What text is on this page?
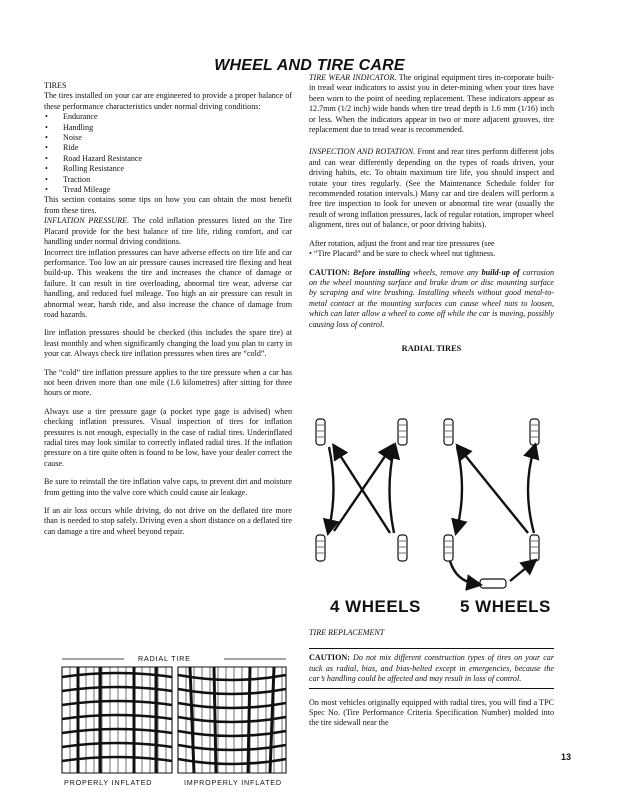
WHEEL AND TIRE CARE

TIRES

The tires installed on your car are engineered to provide a proper balance of these performance characteristics under normal driving conditions:

• Endurance
• Handling
• Noise
• Ride
• Road Hazard Resistance
• Rolling Resistance
• Traction
• Tread Mileage

This section contains some tips on how you can obtain the most benefit from these tires.

INFLATION PRESSURE. The cold inflation pressures listed on the Tire Placard provide for the best balance of tire life, riding comfort, and car handling under normal driving conditions.

Incorrect tire inflation pressures can have adverse effects on tire life and car performance. Too low an air pressure causes increased tire flexing and heat build-up. This weakens the tire and increases the chance of damage or failure. It can result in tire overloading, abnormal tire wear, adverse car handling, and reduced fuel mileage. Too high an air pressure can result in abnormal wear, harsh ride, and also increase the chance of damage from road hazards.

Iire inflation pressures should be checked (this includes the spare tire) at least monthly and when significantly changing the load you plan to carry in your car. Always check tire inflation pressures when tires are “cold”.

The “cold” tire inflation pressure applies to the tire pressure when a car has not been driven more than one mile (1.6 kilometres) after sitting for three hours or more.

Always use a tire pressure gage (a pocket type gage is advised) when checking inflation pressures. Visual inspection of tires for inflation pressures is not enough, especially in the case of radial tires. Underinflated radial tires may look similar to correctly inflated radial tires. If the inflation pressure on a tire quite often is found to be low, have your dealer correct the cause.

Be sure to reinstall the tire inflation valve caps, to prevent dirt and moisture from getting into the valve core which could cause air leakage.

If an air loss occurs while driving, do not drive on the deflated tire more than is needed to stop safely. Driving even a short distance on a deflated tire can damage a tire and wheel beyond repair.

RADIAL TIRE
PROPERLY INFLATED	IMPROPERLY INFLATED

TIRE WEAR INDICATOR. The original equipment tires in-corporate built-in tread wear indicators to assist you in deter-mining when your tires have been worn to the point of needing replacement. These indicators appear as 12.7mm (1/2 inch) wide bands when tire tread depth is 1.6 mm (1/16) inch or less. When the indicators appear in two or more adjacent grooves, tire replacement due to tread wear is recommended.

INSPECTION AND ROTATION. Front and rear tires perform different jobs and can wear differently depending on the types of roads driven, your driving habits, etc. To obtain maximum tire life, you should inspect and rotate your tires regularly. (See the Maintenance Schedule folder for recommended rotation intervals.) Many car and tire dealers will perform a free tire inspection to look for uneven or abnormal tire wear (usually the result of wrong inflation pressures, lack of regular rotation, improper wheel alignment, tires out of balance, or poor driving habits).

After rotation, adjust the front and rear tire pressures (see

• “Tire Placard” and be sure to check wheel nut tightness.

CAUTION: Before installing wheels, remove any build-up of corrosion on the wheel mounting surface and brake drum or disc mounting surface by scraping and wire brushing. Installing wheels without good metal-to-metal contact at the mounting surfaces can cause wheel nuts to loosen, which can later allow a wheel to come off while the car is moving, possibly causing loss of control.

RADIAL TIRES

4 WHEELS 5 WHEELS

TIRE REPLACEMENT

CAUTION: Do not mix different construction types of tires on your car tuck as radial, bias, and bias-belted except in emergencies, because the car’s handling could be affected and may result in loss of control.

On most vehicles originally equipped with radial tires, you will find a TPC Spec No. (Tire Performance Criteria Specification Number) molded into the tire sidewall near the

13
